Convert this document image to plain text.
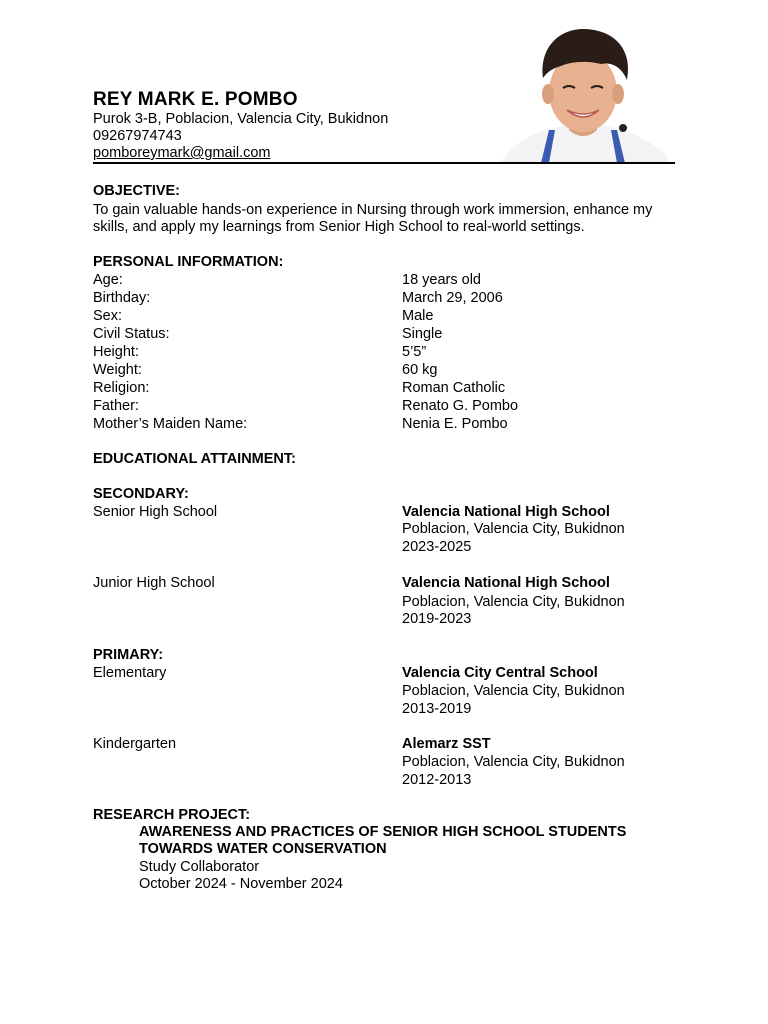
REY MARK E. POMBO
Purok 3-B, Poblacion, Valencia City, Bukidnon
09267974743
pomboreymark@gmail.com
OBJECTIVE:
To gain valuable hands-on experience in Nursing through work immersion, enhance my skills, and apply my learnings from Senior High School to real-world settings.
PERSONAL INFORMATION:
Age:	18 years old
Birthday:	March 29, 2006
Sex:	Male
Civil Status:	Single
Height:	5’5”
Weight:	60 kg
Religion:	Roman Catholic
Father:	Renato G. Pombo
Mother’s Maiden Name:	Nenia E. Pombo
EDUCATIONAL ATTAINMENT:
SECONDARY:
Senior High School	Valencia National High School
Poblacion, Valencia City, Bukidnon
2023-2025
Junior High School	Valencia National High School
Poblacion, Valencia City, Bukidnon
2019-2023
PRIMARY:
Elementary	Valencia City Central School
Poblacion, Valencia City, Bukidnon
2013-2019
Kindergarten	Alemarz SST
Poblacion, Valencia City, Bukidnon
2012-2013
RESEARCH PROJECT:
AWARENESS AND PRACTICES OF SENIOR HIGH SCHOOL STUDENTS
TOWARDS WATER CONSERVATION
Study Collaborator
October 2024 - November 2024
